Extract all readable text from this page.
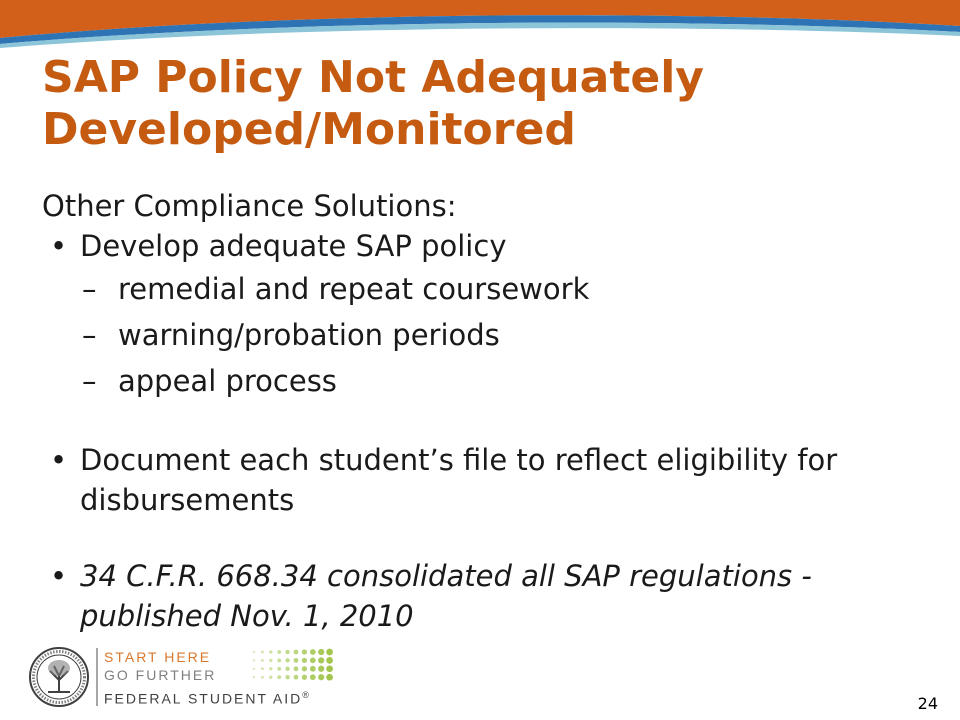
SAP Policy Not Adequately Developed/Monitored
Other Compliance Solutions:
• Develop adequate SAP policy
– remedial and repeat coursework
– warning/probation periods
– appeal process
• Document each student’s file to reflect eligibility for disbursements
• 34 C.F.R. 668.34 consolidated all SAP regulations - published Nov. 1, 2010
START HERE
GO FURTHER
FEDERAL STUDENT AID®	24
